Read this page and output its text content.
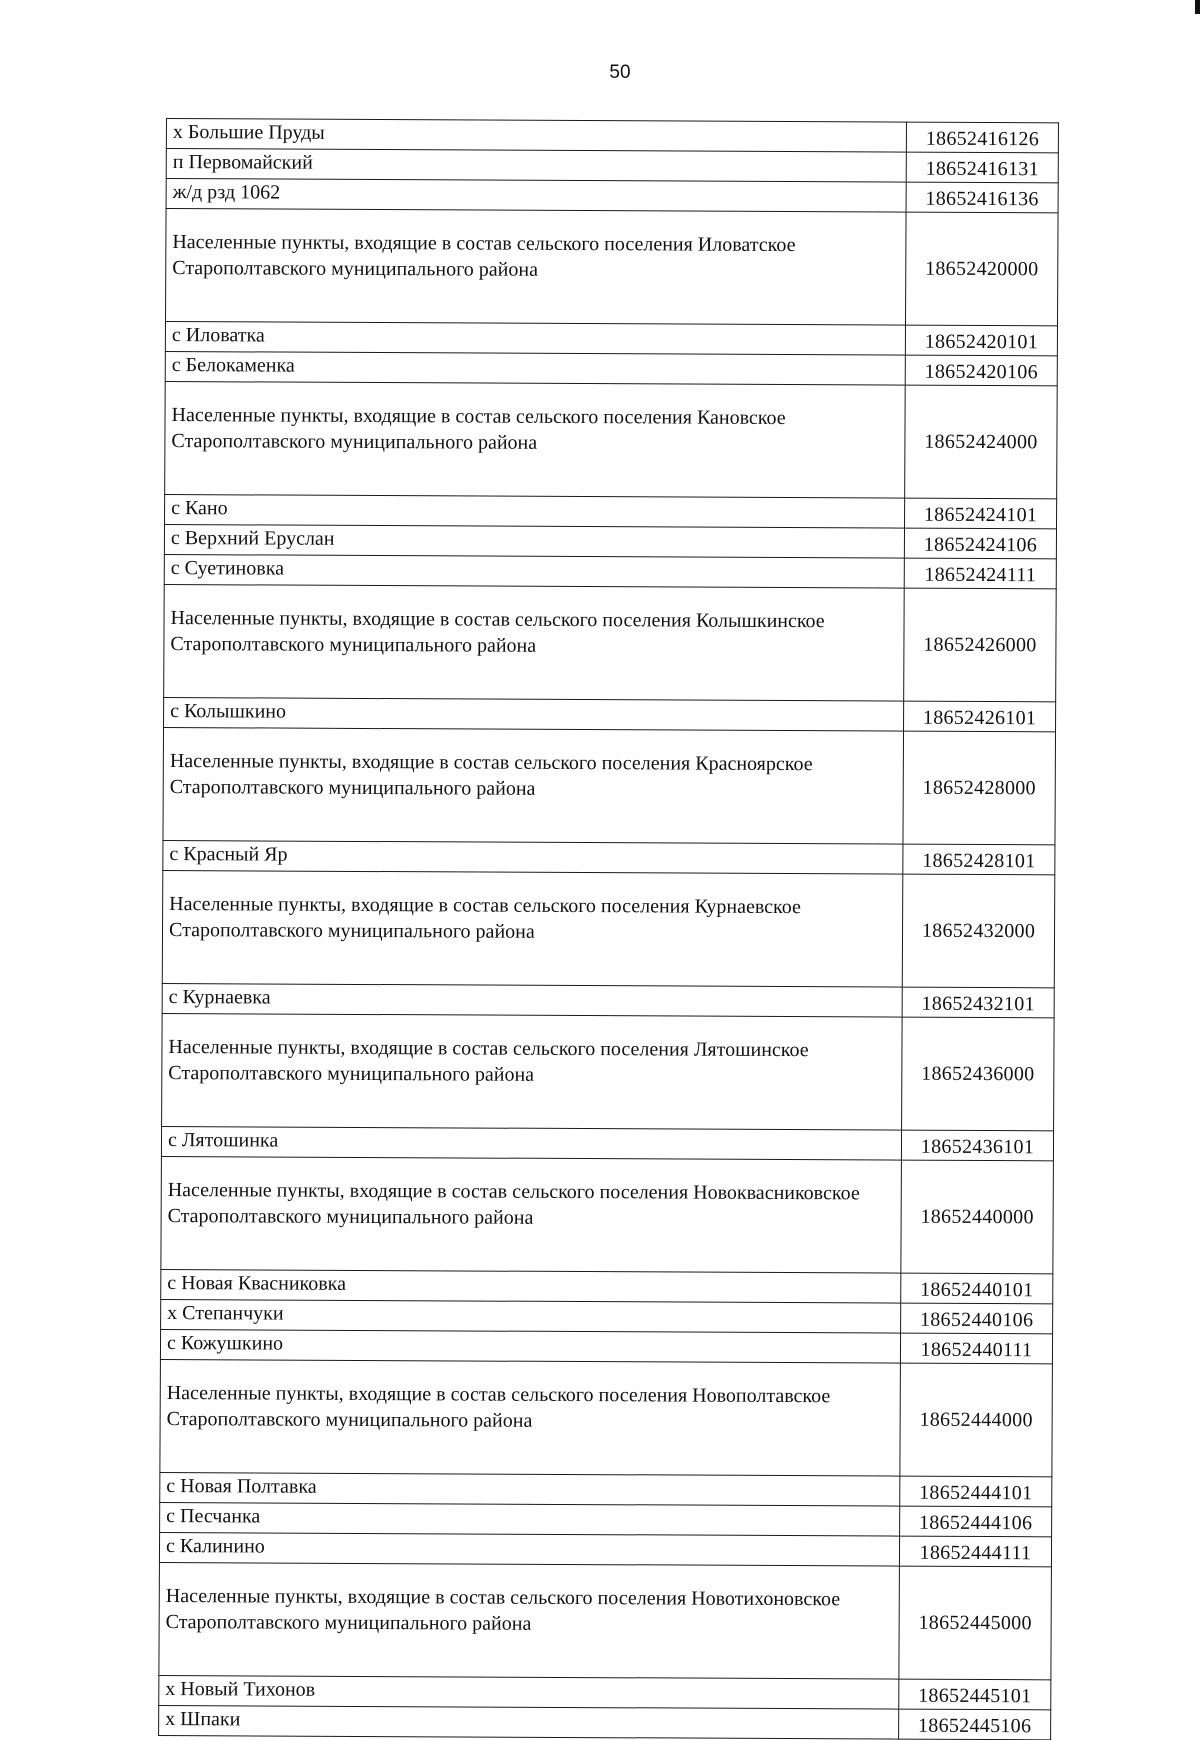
50
х Большие Пруды	18652416126
п Первомайский	18652416131
ж/д рзд 1062	18652416136
Населенные пункты, входящие в состав сельского поселения Иловатское Старополтавского муниципального района	18652420000
с Иловатка	18652420101
с Белокаменка	18652420106
Населенные пункты, входящие в состав сельского поселения Кановское Старополтавского муниципального района	18652424000
с Кано	18652424101
с Верхний Еруслан	18652424106
с Суетиновка	18652424111
Населенные пункты, входящие в состав сельского поселения Колышкинское Старополтавского муниципального района	18652426000
с Колышкино	18652426101
Населенные пункты, входящие в состав сельского поселения Красноярское Старополтавского муниципального района	18652428000
с Красный Яр	18652428101
Населенные пункты, входящие в состав сельского поселения Курнаевское Старополтавского муниципального района	18652432000
с Курнаевка	18652432101
Населенные пункты, входящие в состав сельского поселения Лятошинское Старополтавского муниципального района	18652436000
с Лятошинка	18652436101
Населенные пункты, входящие в состав сельского поселения Новоквасниковское Старополтавского муниципального района	18652440000
с Новая Квасниковка	18652440101
х Степанчуки	18652440106
с Кожушкино	18652440111
Населенные пункты, входящие в состав сельского поселения Новополтавское Старополтавского муниципального района	18652444000
с Новая Полтавка	18652444101
с Песчанка	18652444106
с Калинино	18652444111
Населенные пункты, входящие в состав сельского поселения Новотихоновское Старополтавского муниципального района	18652445000
х Новый Тихонов	18652445101
х Шпаки	18652445106
